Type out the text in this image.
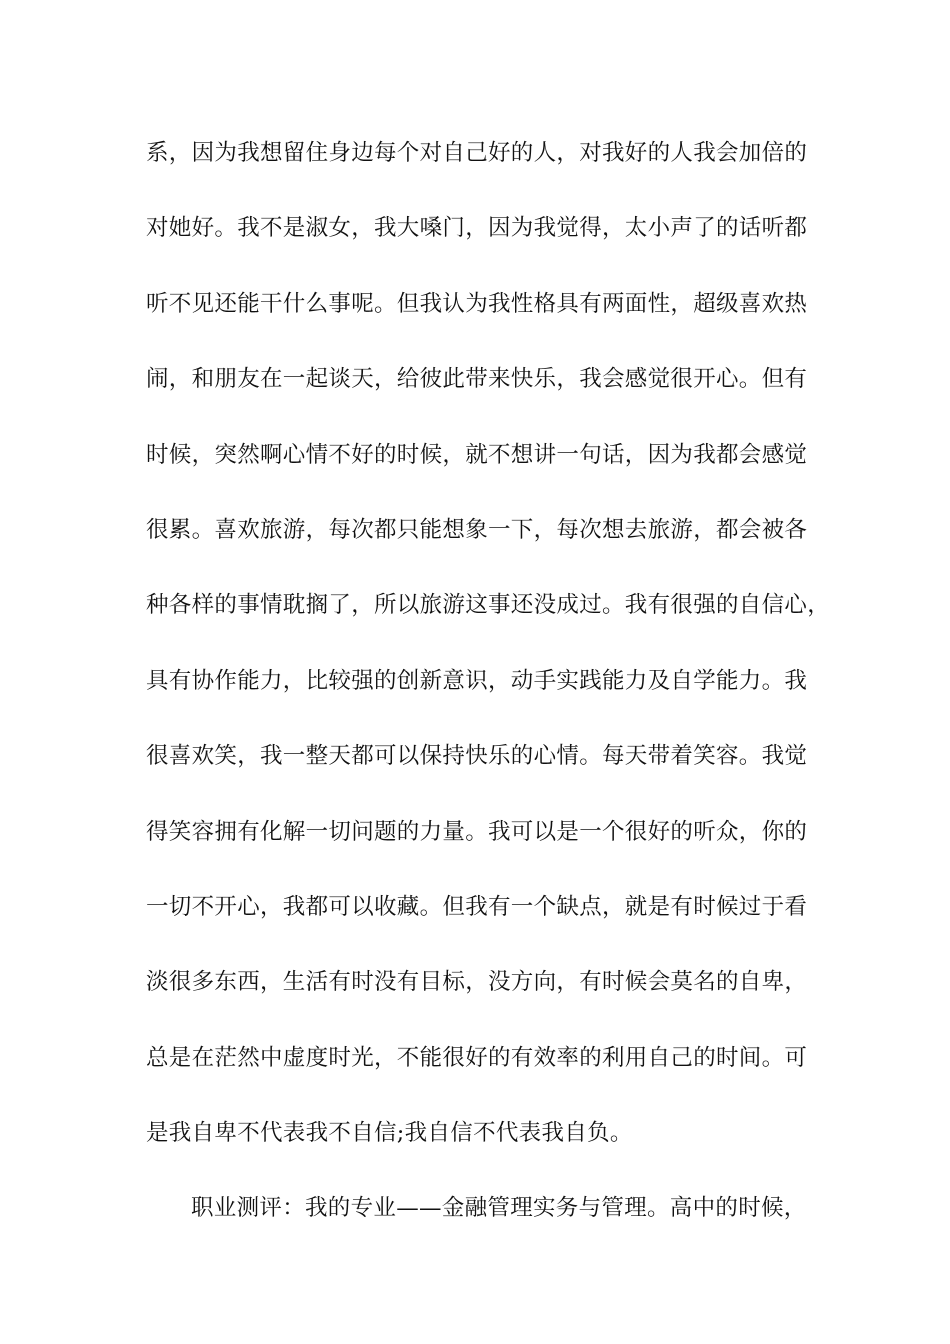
系，因为我想留住身边每个对自己好的人，对我好的人我会加倍的
对她好。我不是淑女，我大嗓门，因为我觉得，太小声了的话听都
听不见还能干什么事呢。但我认为我性格具有两面性，超级喜欢热
闹，和朋友在一起谈天，给彼此带来快乐，我会感觉很开心。但有
时候，突然啊心情不好的时候，就不想讲一句话，因为我都会感觉
很累。喜欢旅游，每次都只能想象一下，每次想去旅游，都会被各
种各样的事情耽搁了，所以旅游这事还没成过。我有很强的自信心，
具有协作能力，比较强的创新意识，动手实践能力及自学能力。我
很喜欢笑，我一整天都可以保持快乐的心情。每天带着笑容。我觉
得笑容拥有化解一切问题的力量。我可以是一个很好的听众，你的
一切不开心，我都可以收藏。但我有一个缺点，就是有时候过于看
淡很多东西，生活有时没有目标，没方向，有时候会莫名的自卑，
总是在茫然中虚度时光，不能很好的有效率的利用自己的时间。可
是我自卑不代表我不自信;我自信不代表我自负。
职业测评：我的专业——金融管理实务与管理。高中的时候，
